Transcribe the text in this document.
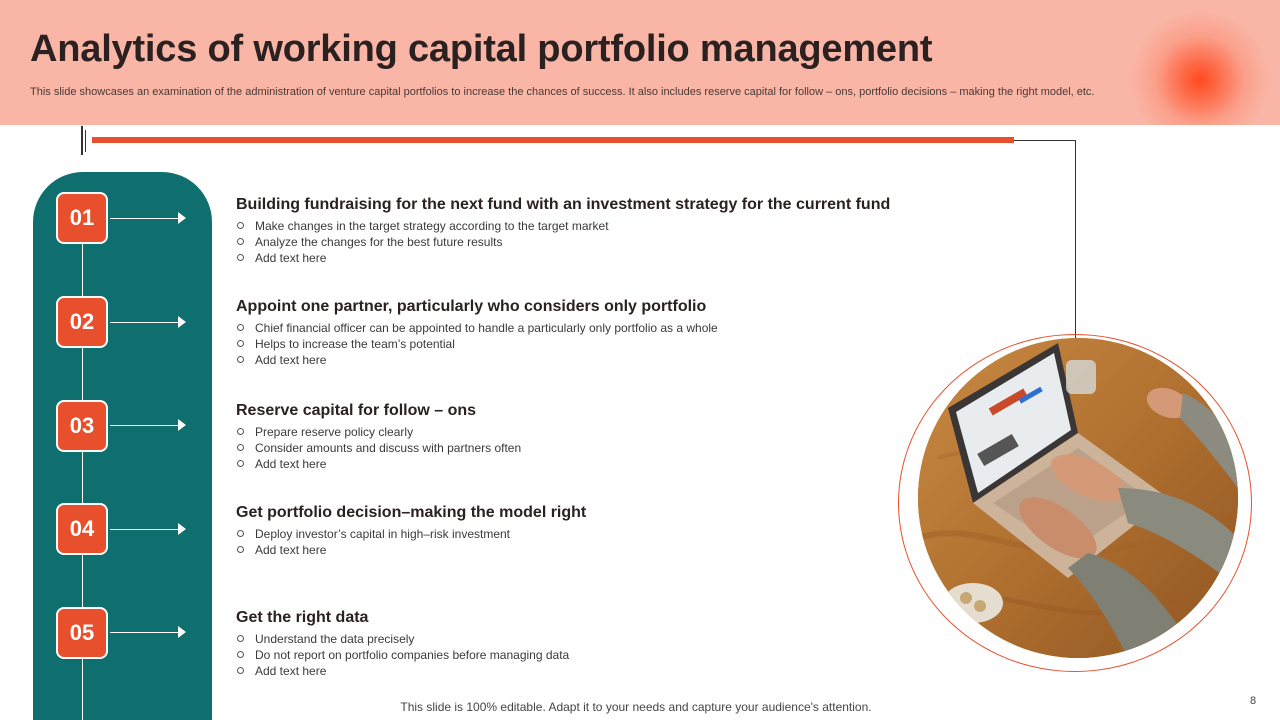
Analytics of working capital portfolio management
This slide showcases an examination of the administration of venture capital portfolios to increase the chances of success. It also includes reserve capital for follow – ons, portfolio decisions – making the right model, etc.
01
Building fundraising for the next fund with an investment strategy for the current fund
Make changes in the target strategy according to the target market
Analyze the changes for the best future results
Add text here
02
Appoint one partner, particularly who considers only portfolio
Chief financial officer can be appointed to handle a particularly only portfolio as a whole
Helps to increase the team’s potential
Add text here
03
Reserve capital for follow – ons
Prepare reserve policy clearly
Consider amounts and discuss with partners often
Add text here
04
Get portfolio decision–making the model right
Deploy investor’s capital in high–risk investment
Add text here
05
Get the right data
Understand the data precisely
Do not report on portfolio companies before managing data
Add text here
This slide is 100% editable. Adapt it to your needs and capture your audience's attention.	8
